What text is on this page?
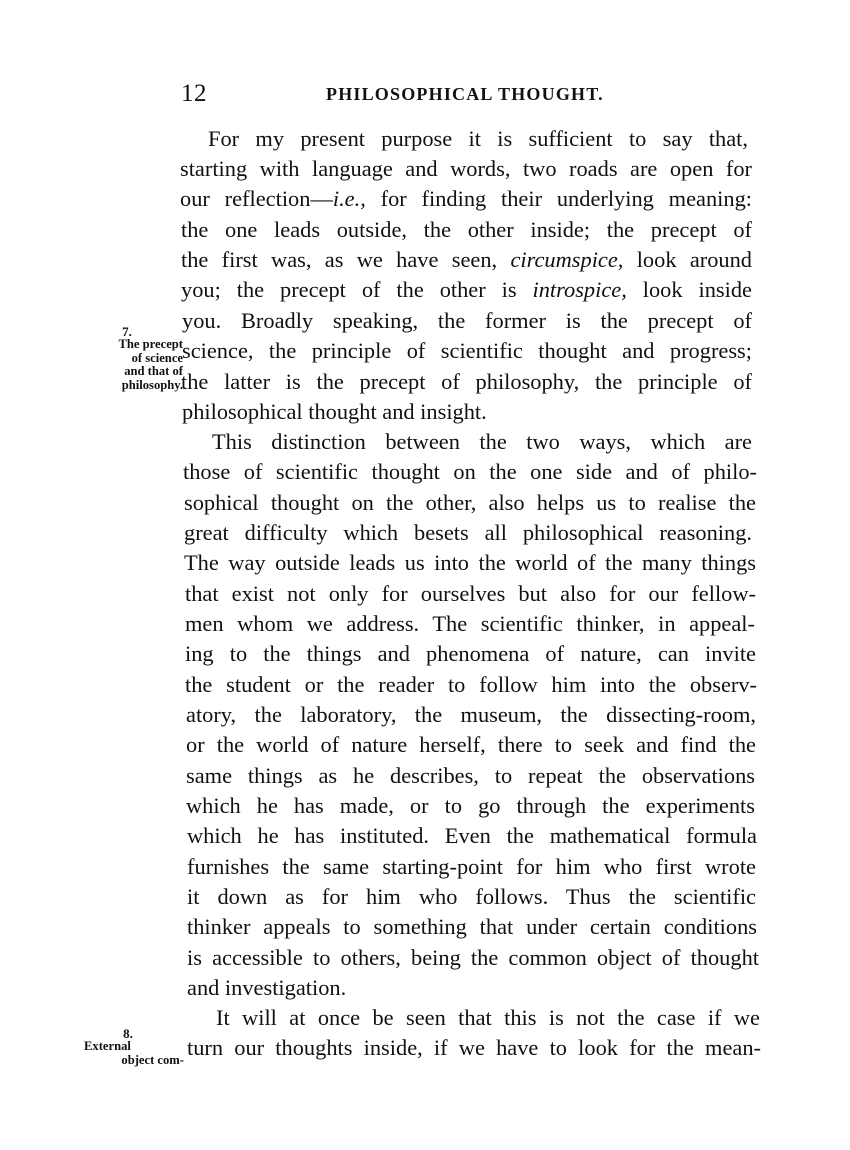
12	PHILOSOPHICAL THOUGHT.
For my present purpose it is sufficient to say that,
starting with language and words, two roads are open for
our reflection—i.e., for finding their underlying meaning:
the one leads outside, the other inside; the precept of
the first was, as we have seen, circumspice, look around
you; the precept of the other is introspice, look inside
you. Broadly speaking, the former is the precept of
science, the principle of scientific thought and progress;
the latter is the precept of philosophy, the principle of
philosophical thought and insight.
This distinction between the two ways, which are
those of scientific thought on the one side and of philo-
sophical thought on the other, also helps us to realise the
great difficulty which besets all philosophical reasoning.
The way outside leads us into the world of the many things
that exist not only for ourselves but also for our fellow-
men whom we address. The scientific thinker, in appeal-
ing to the things and phenomena of nature, can invite
the student or the reader to follow him into the observ-
atory, the laboratory, the museum, the dissecting-room,
or the world of nature herself, there to seek and find the
same things as he describes, to repeat the observations
which he has made, or to go through the experiments
which he has instituted. Even the mathematical formula
furnishes the same starting-point for him who first wrote
it down as for him who follows. Thus the scientific
thinker appeals to something that under certain conditions
is accessible to others, being the common object of thought
and investigation.
It will at once be seen that this is not the case if we
turn our thoughts inside, if we have to look for the mean-
7.
The precept
of science
and that of
philosophy.
8.
External
object com-
